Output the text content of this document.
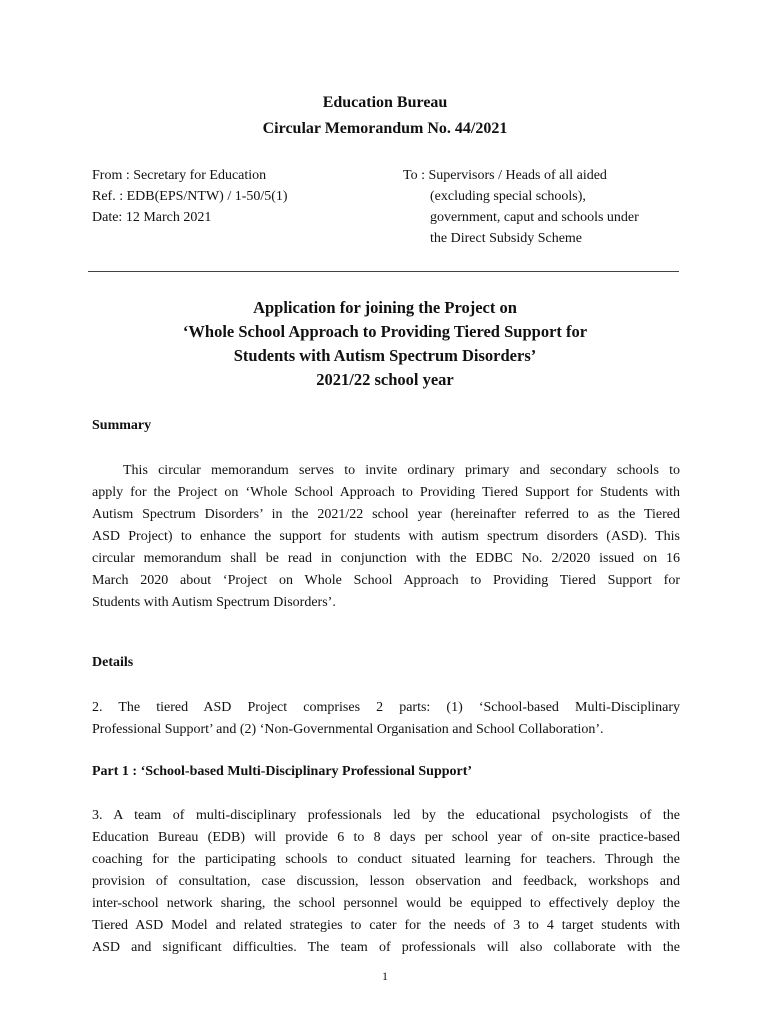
Education Bureau
Circular Memorandum No. 44/2021
From : Secretary for Education
Ref. : EDB(EPS/NTW) / 1-50/5(1)
Date: 12 March 2021
To : Supervisors / Heads of all aided
(excluding special schools),
government, caput and schools under
the Direct Subsidy Scheme
Application for joining the Project on
‘Whole School Approach to Providing Tiered Support for
Students with Autism Spectrum Disorders’
2021/22 school year
Summary
This circular memorandum serves to invite ordinary primary and secondary schools to
apply for the Project on ‘Whole School Approach to Providing Tiered Support for Students with
Autism Spectrum Disorders’ in the 2021/22 school year (hereinafter referred to as the Tiered
ASD Project) to enhance the support for students with autism spectrum disorders (ASD). This
circular memorandum shall be read in conjunction with the EDBC No. 2/2020 issued on 16
March 2020 about ‘Project on Whole School Approach to Providing Tiered Support for
Students with Autism Spectrum Disorders’.
Details
2. The tiered ASD Project comprises 2 parts: (1) ‘School-based Multi-Disciplinary
Professional Support’ and (2) ‘Non-Governmental Organisation and School Collaboration’.
Part 1 : ‘School-based Multi-Disciplinary Professional Support’
3. A team of multi-disciplinary professionals led by the educational psychologists of the
Education Bureau (EDB) will provide 6 to 8 days per school year of on-site practice-based
coaching for the participating schools to conduct situated learning for teachers. Through the
provision of consultation, case discussion, lesson observation and feedback, workshops and
inter-school network sharing, the school personnel would be equipped to effectively deploy the
Tiered ASD Model and related strategies to cater for the needs of 3 to 4 target students with
ASD and significant difficulties. The team of professionals will also collaborate with the
1
